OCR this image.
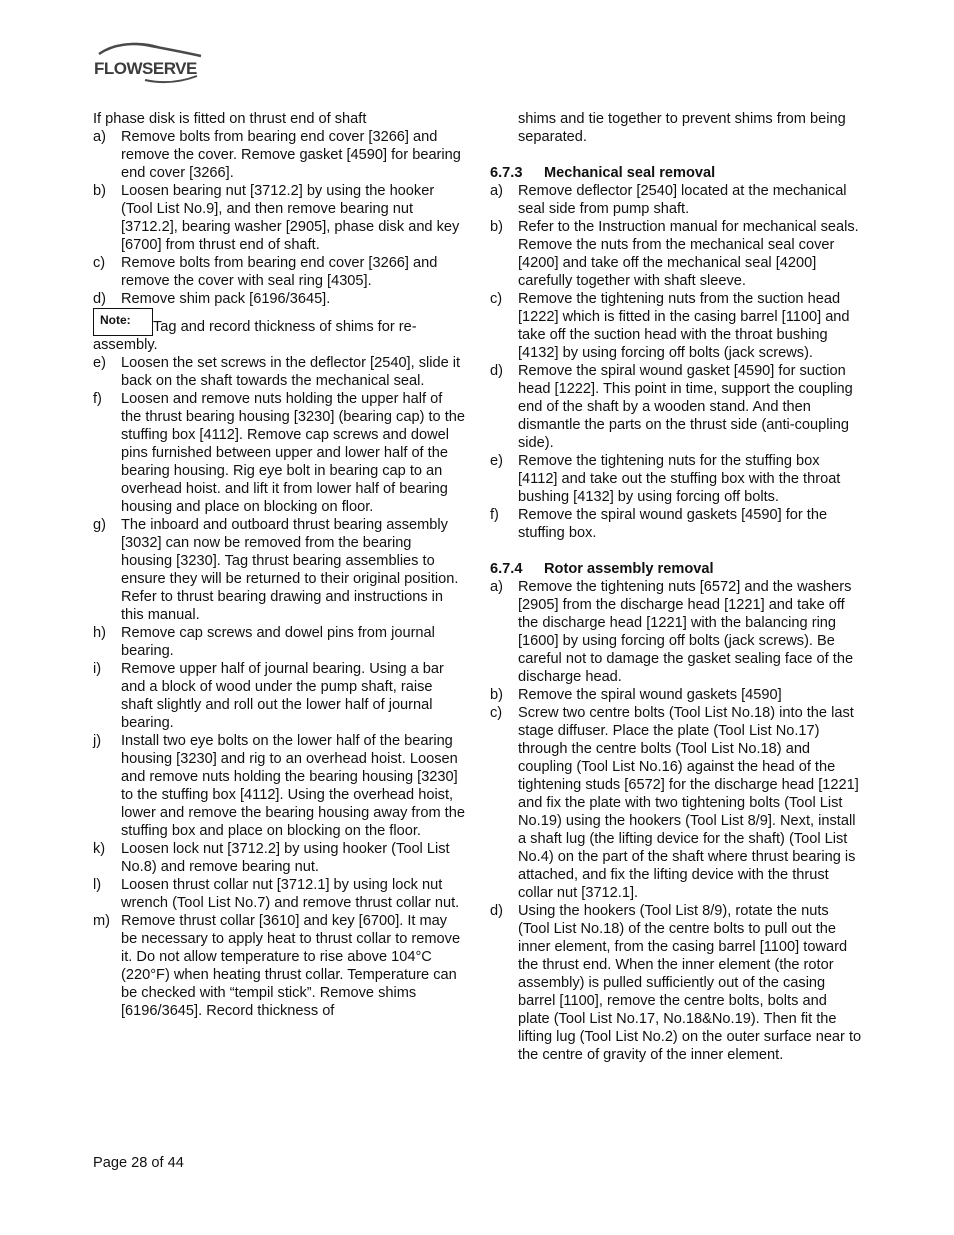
FLOWSERVE

If phase disk is fitted on thrust end of shaft

a)	Remove bolts from bearing end cover [3266] and remove the cover. Remove gasket [4590] for bearing end cover [3266].
b)	Loosen bearing nut [3712.2] by using the hooker (Tool List No.9], and then remove bearing nut [3712.2], bearing washer [2905], phase disk and key [6700] from thrust end of shaft.
c)	Remove bolts from bearing end cover [3266] and remove the cover with seal ring [4305].
d)	Remove shim pack [6196/3645].
Note: Tag and record thickness of shims for re-assembly.
e)	Loosen the set screws in the deflector [2540], slide it back on the shaft towards the mechanical seal.
f)	Loosen and remove nuts holding the upper half of the thrust bearing housing [3230] (bearing cap) to the stuffing box [4112]. Remove cap screws and dowel pins furnished between upper and lower half of the bearing housing. Rig eye bolt in bearing cap to an overhead hoist. and lift it from lower half of bearing housing and place on blocking on floor.
g)	The inboard and outboard thrust bearing assembly [3032] can now be removed from the bearing housing [3230]. Tag thrust bearing assemblies to ensure they will be returned to their original position. Refer to thrust bearing drawing and instructions in this manual.
h)	Remove cap screws and dowel pins from journal bearing.
i)	Remove upper half of journal bearing. Using a bar and a block of wood under the pump shaft, raise shaft slightly and roll out the lower half of journal bearing.
j)	Install two eye bolts on the lower half of the bearing housing [3230] and rig to an overhead hoist. Loosen and remove nuts holding the bearing housing [3230] to the stuffing box [4112]. Using the overhead hoist, lower and remove the bearing housing away from the stuffing box and place on blocking on the floor.
k)	Loosen lock nut [3712.2] by using hooker (Tool List No.8) and remove bearing nut.
l)	Loosen thrust collar nut [3712.1] by using lock nut wrench (Tool List No.7) and remove thrust collar nut.
m) Remove thrust collar [3610] and key [6700]. It may be necessary to apply heat to thrust collar to remove it. Do not allow temperature to rise above 104°C (220°F) when heating thrust collar. Temperature can be checked with “tempil stick”. Remove shims [6196/3645]. Record thickness of

shims and tie together to prevent shims from being separated.

6.7.3	Mechanical seal removal
a)	Remove deflector [2540] located at the mechanical seal side from pump shaft.
b)	Refer to the Instruction manual for mechanical seals. Remove the nuts from the mechanical seal cover [4200] and take off the mechanical seal [4200] carefully together with shaft sleeve.
c)	Remove the tightening nuts from the suction head [1222] which is fitted in the casing barrel [1100] and take off the suction head with the throat bushing [4132] by using forcing off bolts (jack screws).
d)	Remove the spiral wound gasket [4590] for suction head [1222]. This point in time, support the coupling end of the shaft by a wooden stand. And then dismantle the parts on the thrust side (anti-coupling side).
e)	Remove the tightening nuts for the stuffing box [4112] and take out the stuffing box with the throat bushing [4132] by using forcing off bolts.
f)	Remove the spiral wound gaskets [4590] for the stuffing box.
6.7.4	Rotor assembly removal
a)	Remove the tightening nuts [6572] and the washers [2905] from the discharge head [1221] and take off the discharge head [1221] with the balancing ring [1600] by using forcing off bolts (jack screws). Be careful not to damage the gasket sealing face of the discharge head.
b)	Remove the spiral wound gaskets [4590]
c)	Screw two centre bolts (Tool List No.18) into the last stage diffuser. Place the plate (Tool List No.17) through the centre bolts (Tool List No.18) and coupling (Tool List No.16) against the head of the tightening studs [6572] for the discharge head [1221] and fix the plate with two tightening bolts (Tool List No.19) using the hookers (Tool List 8/9]. Next, install a shaft lug (the lifting device for the shaft) (Tool List No.4) on the part of the shaft where thrust bearing is attached, and fix the lifting device with the thrust collar nut [3712.1].
d)	Using the hookers (Tool List 8/9), rotate the nuts (Tool List No.18) of the centre bolts to pull out the inner element, from the casing barrel [1100] toward the thrust end. When the inner element (the rotor assembly) is pulled sufficiently out of the casing barrel [1100], remove the centre bolts, bolts and plate (Tool List No.17, No.18&No.19). Then fit the lifting lug (Tool List No.2) on the outer surface near to the centre of gravity of the inner element.
Page 28 of 44
